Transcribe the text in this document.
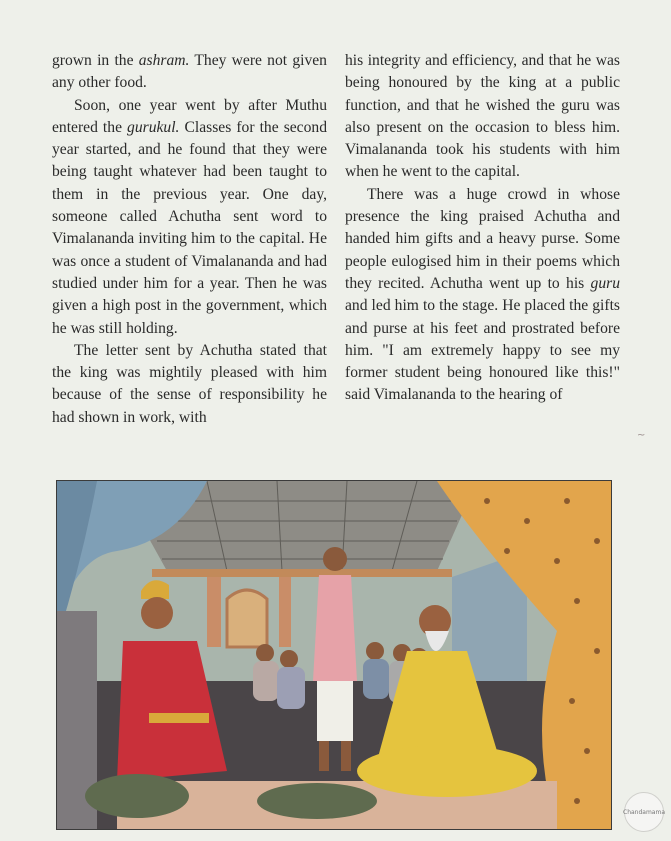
grown in the ashram. They were not given any other food.

Soon, one year went by after Muthu entered the gurukul. Classes for the second year started, and he found that they were being taught whatever had been taught to them in the previous year. One day, someone called Achutha sent word to Vimalananda inviting him to the capital. He was once a student of Vimalananda and had studied under him for a year. Then he was given a high post in the government, which he was still holding.

The letter sent by Achutha stated that the king was mightily pleased with him because of the sense of responsibility he had shown in work, with

his integrity and efficiency, and that he was being honoured by the king at a public function, and that he wished the guru was also present on the occasion to bless him. Vimalananda took his students with him when he went to the capital.

There was a huge crowd in whose presence the king praised Achutha and handed him gifts and a heavy purse. Some people eulogised him in their poems which they recited. Achutha went up to his guru and led him to the stage. He placed the gifts and purse at his feet and prostrated before him. "I am extremely happy to see my former student being honoured like this!" said Vimalananda to the hearing of

~
Chandamama
